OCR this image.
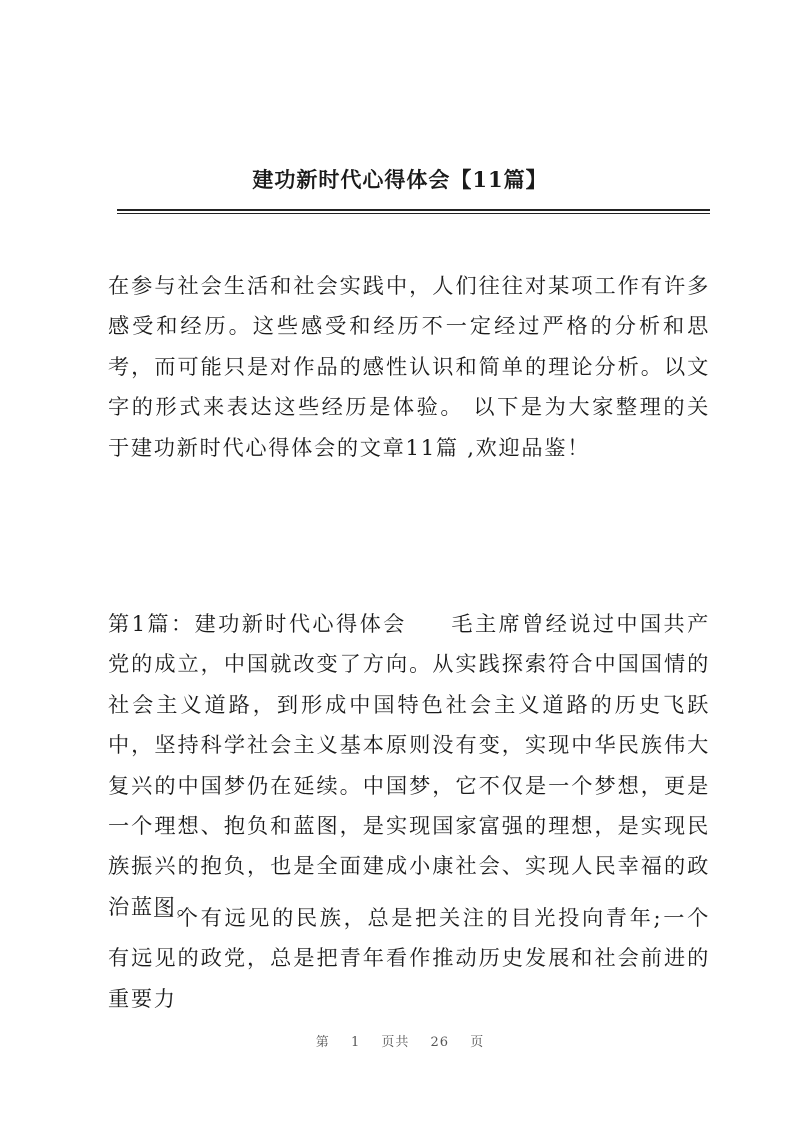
建功新时代心得体会【11篇】

在参与社会生活和社会实践中，人们往往对某项工作有许多感受和经历。这些感受和经历不一定经过严格的分析和思考，而可能只是对作品的感性认识和简单的理论分析。以文字的形式来表达这些经历是体验。 以下是为大家整理的关于建功新时代心得体会的文章11篇 ,欢迎品鉴！

第1篇：建功新时代心得体会 毛主席曾经说过中国共产党的成立，中国就改变了方向。从实践探索符合中国国情的社会主义道路，到形成中国特色社会主义道路的历史飞跃中，坚持科学社会主义基本原则没有变，实现中华民族伟大复兴的中国梦仍在延续。中国梦，它不仅是一个梦想，更是一个理想、抱负和蓝图，是实现国家富强的理想，是实现民族振兴的抱负，也是全面建成小康社会、实现人民幸福的政治蓝图。

一个有远见的民族，总是把关注的目光投向青年;一个有远见的政党，总是把青年看作推动历史发展和社会前进的重要力

第 1 页共 26 页
